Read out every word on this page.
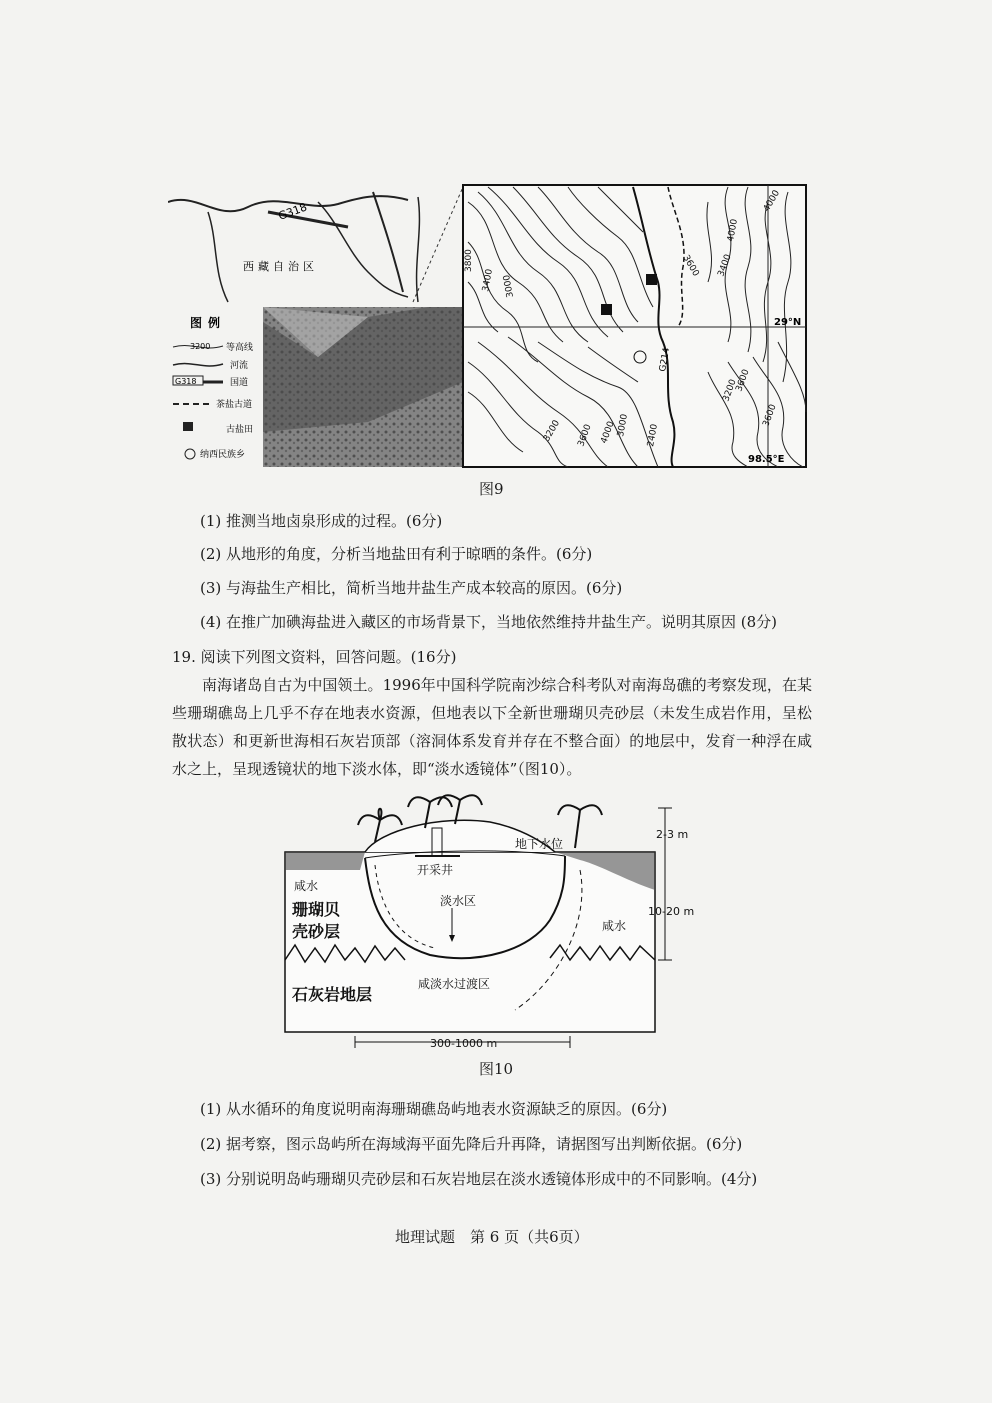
G318
西藏自治区
图例
3200 等高线
河流
G318	国道
茶盐古道
古盐田
纳西民族乡
3800
3400 3000
3600
4000
3400
4000
3200 3600 4000
3200
3600
2400
3000	3600
G214
29°N
98.5°E
图9
(1) 推测当地卤泉形成的过程。(6分)
(2) 从地形的角度，分析当地盐田有利于晾晒的条件。(6分)
(3) 与海盐生产相比，简析当地井盐生产成本较高的原因。(6分)
(4) 在推广加碘海盐进入藏区的市场背景下，当地依然维持井盐生产。说明其原因 (8分)
19. 阅读下列图文资料，回答问题。(16分)
南海诸岛自古为中国领土。1996年中国科学院南沙综合科考队对南海岛礁的考察发现，在某些珊瑚礁岛上几乎不存在地表水资源，但地表以下全新世珊瑚贝壳砂层（未发生成岩作用，呈松散状态）和更新世海相石灰岩顶部（溶洞体系发育并存在不整合面）的地层中，发育一种浮在咸水之上，呈现透镜状的地下淡水体，即“淡水透镜体”（图10）。
地下水位
开采井
咸水
淡水区
咸水
珊瑚贝
壳砂层
石灰岩地层
咸淡水过渡区
2-3 m
10-20 m
300-1000 m
图10
(1) 从水循环的角度说明南海珊瑚礁岛屿地表水资源缺乏的原因。(6分)
(2) 据考察，图示岛屿所在海域海平面先降后升再降，请据图写出判断依据。(6分)
(3) 分别说明岛屿珊瑚贝壳砂层和石灰岩地层在淡水透镜体形成中的不同影响。(4分)
地理试题　第 6 页（共6页）
